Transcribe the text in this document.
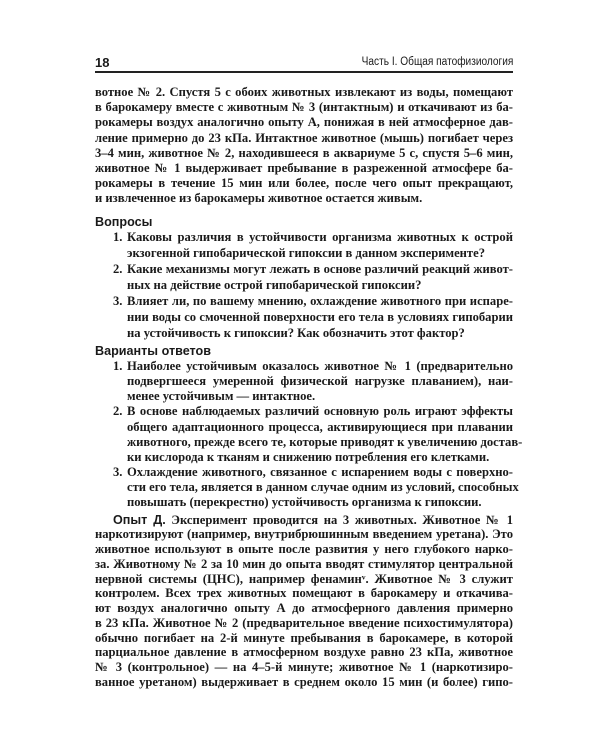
18	Часть I. Общая патофизиология
вотное № 2. Спустя 5 с обоих животных извлекают из воды, помещают
в барокамеру вместе с животным № 3 (интактным) и откачивают из ба-
рокамеры воздух аналогично опыту А, понижая в ней атмосферное дав-
ление примерно до 23 кПа. Интактное животное (мышь) погибает через
3–4 мин, животное № 2, находившееся в аквариуме 5 с, спустя 5–6 мин,
животное № 1 выдерживает пребывание в разреженной атмосфере ба-
рокамеры в течение 15 мин или более, после чего опыт прекращают,
и извлеченное из барокамеры животное остается живым.
Вопросы
1. Каковы различия в устойчивости организма животных к острой
экзогенной гипобарической гипоксии в данном эксперименте?
2. Какие механизмы могут лежать в основе различий реакций живот-
ных на действие острой гипобарической гипоксии?
3. Влияет ли, по вашему мнению, охлаждение животного при испаре-
нии воды со смоченной поверхности его тела в условиях гипобарии
на устойчивость к гипоксии? Как обозначить этот фактор?
Варианты ответов
1. Наиболее устойчивым оказалось животное № 1 (предварительно
подвергшееся умеренной физической нагрузке плаванием), наи-
менее устойчивым — интактное.
2. В основе наблюдаемых различий основную роль играют эффекты
общего адаптационного процесса, активирующиеся при плавании
животного, прежде всего те, которые приводят к увеличению достав-
ки кислорода к тканям и снижению потребления его клетками.
3. Охлаждение животного, связанное с испарением воды с поверхно-
сти его тела, является в данном случае одним из условий, способных
повышать (перекрестно) устойчивость организма к гипоксии.
Опыт Д. Эксперимент проводится на 3 животных. Животное № 1
наркотизируют (например, внутрибрюшинным введением уретана). Это
животное используют в опыте после развития у него глубокого нарко-
за. Животному № 2 за 10 мин до опыта вводят стимулятор центральной
нервной системы (ЦНС), например фенаминᵛ. Животное № 3 служит
контролем. Всех трех животных помещают в барокамеру и откачива-
ют воздух аналогично опыту А до атмосферного давления примерно
в 23 кПа. Животное № 2 (предварительное введение психостимулятора)
обычно погибает на 2-й минуте пребывания в барокамере, в которой
парциальное давление в атмосферном воздухе равно 23 кПа, животное
№ 3 (контрольное) — на 4–5-й минуте; животное № 1 (наркотизиро-
ванное уретаном) выдерживает в среднем около 15 мин (и более) гипо-
